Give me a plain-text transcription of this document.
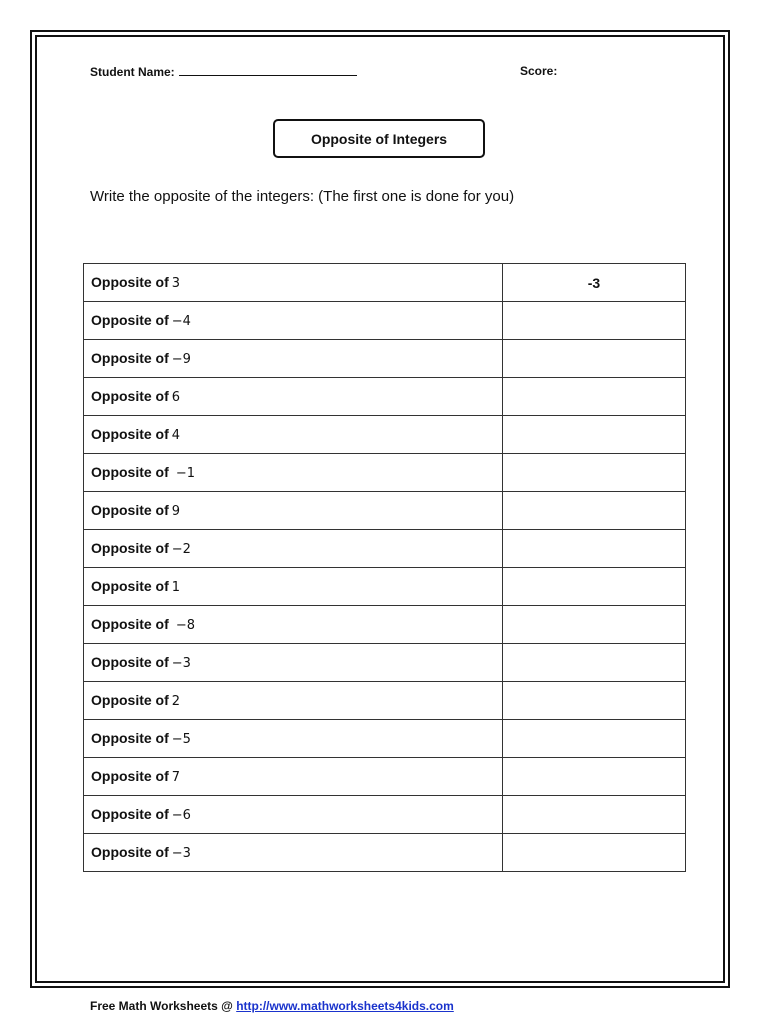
Student Name:	Score:
Opposite of Integers
Write the opposite of the integers: (The first one is done for you)
Opposite of 3	-3
Opposite of −4	
Opposite of −9	
Opposite of 6	
Opposite of 4	
Opposite of −1	
Opposite of 9	
Opposite of −2	
Opposite of 1	
Opposite of −8	
Opposite of −3	
Opposite of 2	
Opposite of −5	
Opposite of 7	
Opposite of −6	
Opposite of −3	
Free Math Worksheets @ http://www.mathworksheets4kids.com
